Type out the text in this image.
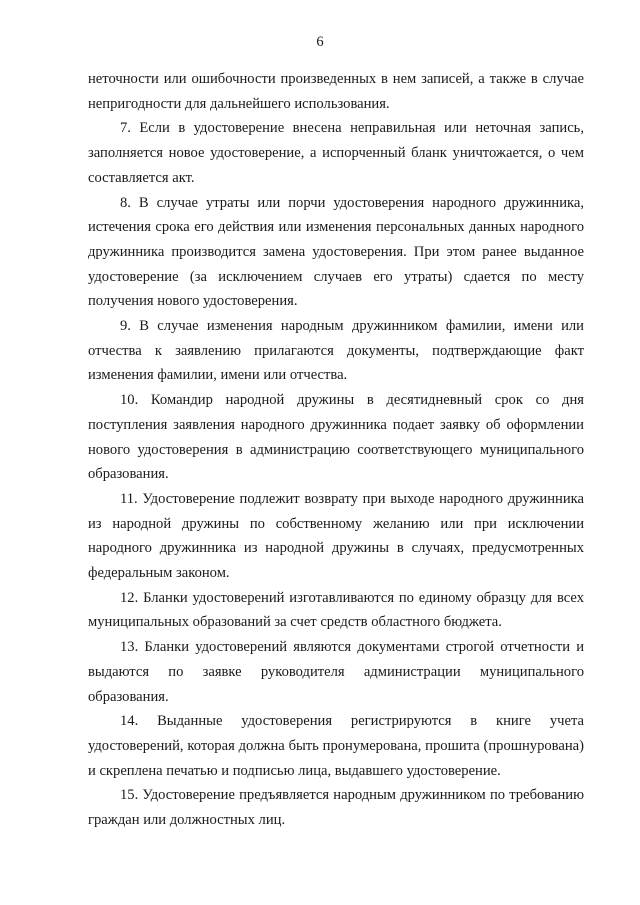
6

неточности или ошибочности произведенных в нем записей, а также в случае непригодности для дальнейшего использования.

7. Если в удостоверение внесена неправильная или неточная запись, заполняется новое удостоверение, а испорченный бланк уничтожается, о чем составляется акт.

8. В случае утраты или порчи удостоверения народного дружинника, истечения срока его действия или изменения персональных данных народного дружинника производится замена удостоверения. При этом ранее выданное удостоверение (за исключением случаев его утраты) сдается по месту получения нового удостоверения.

9. В случае изменения народным дружинником фамилии, имени или отчества к заявлению прилагаются документы, подтверждающие факт изменения фамилии, имени или отчества.

10. Командир народной дружины в десятидневный срок со дня поступления заявления народного дружинника подает заявку об оформлении нового удостоверения в администрацию соответствующего муниципального образования.

11. Удостоверение подлежит возврату при выходе народного дружинника из народной дружины по собственному желанию или при исключении народного дружинника из народной дружины в случаях, предусмотренных федеральным законом.

12. Бланки удостоверений изготавливаются по единому образцу для всех муниципальных образований за счет средств областного бюджета.

13. Бланки удостоверений являются документами строгой отчетности и выдаются по заявке руководителя администрации муниципального образования.

14. Выданные удостоверения регистрируются в книге учета удостоверений, которая должна быть пронумерована, прошита (прошнурована) и скреплена печатью и подписью лица, выдавшего удостоверение.

15. Удостоверение предъявляется народным дружинником по требованию граждан или должностных лиц.
